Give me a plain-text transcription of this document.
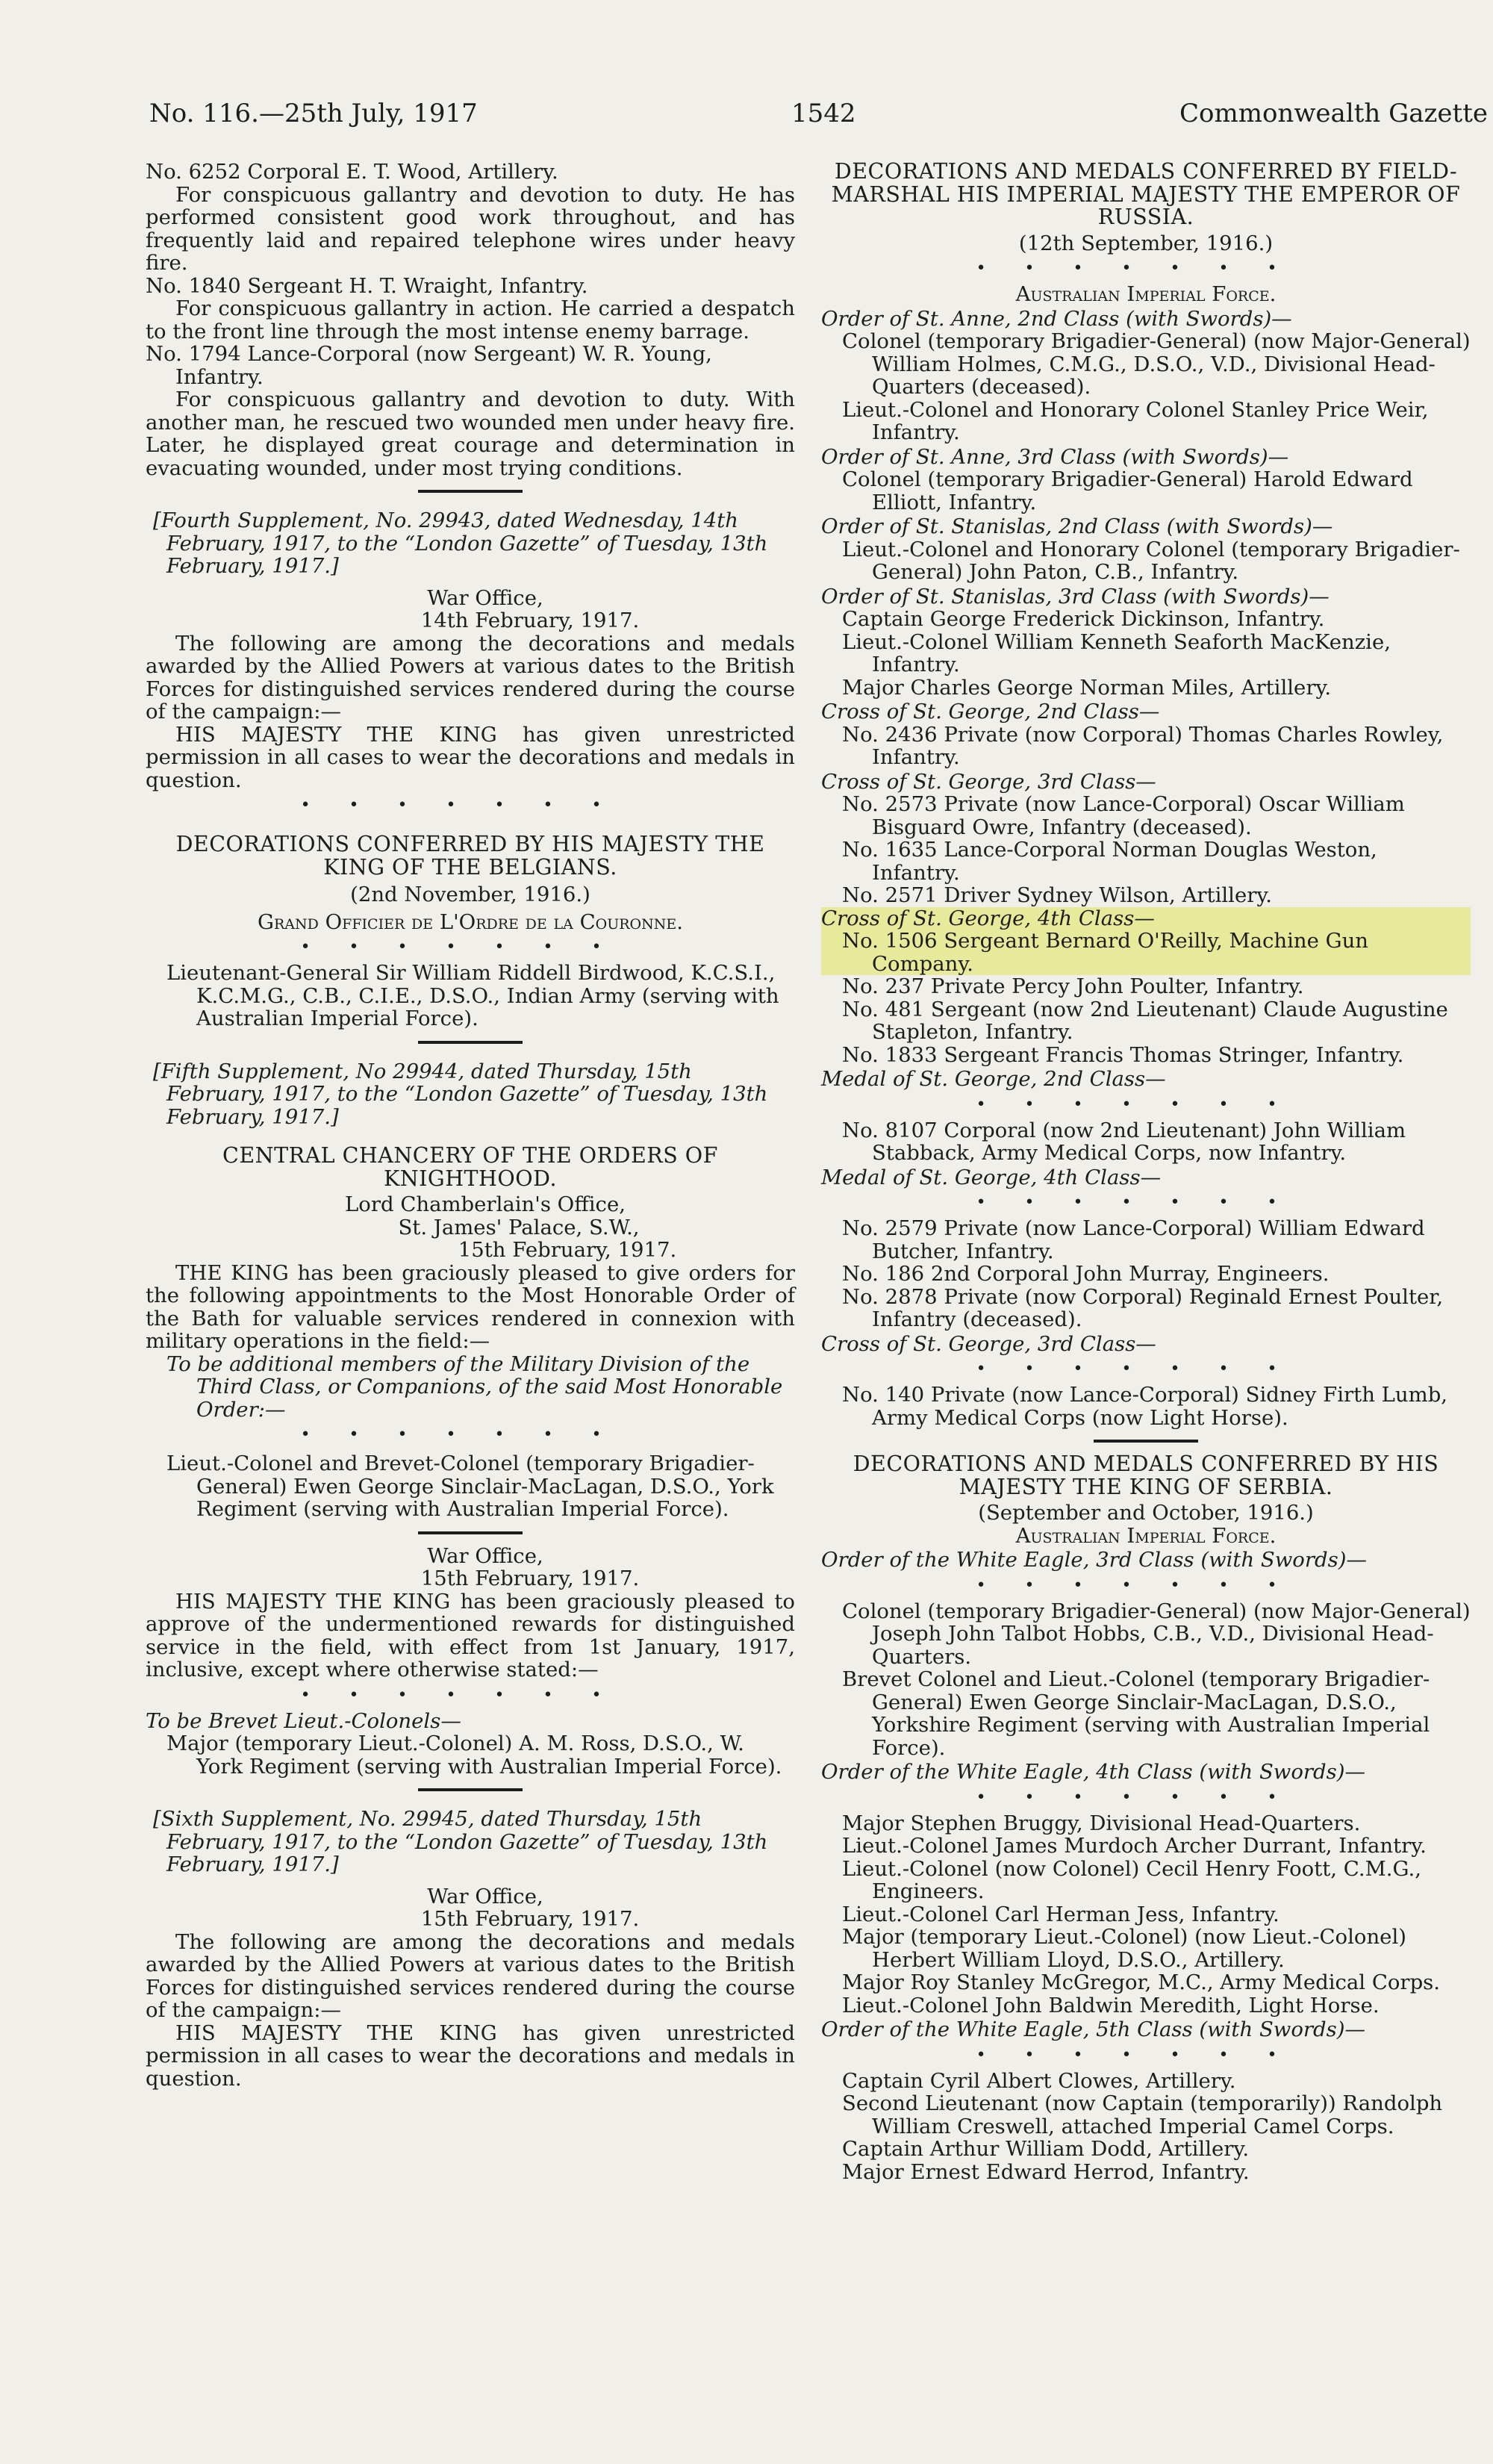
No. 116.—25th July, 1917	1542	Commonwealth Gazette

No. 6252 Corporal E. T. Wood, Artillery.

For conspicuous gallantry and devotion to duty. He has performed consistent good work throughout, and has frequently laid and repaired telephone wires under heavy fire.

No. 1840 Sergeant H. T. Wraight, Infantry.

For conspicuous gallantry in action. He carried a despatch to the front line through the most intense enemy barrage.

No. 1794 Lance-Corporal (now Sergeant) W. R. Young, Infantry.

For conspicuous gallantry and devotion to duty. With another man, he rescued two wounded men under heavy fire. Later, he displayed great courage and determination in evacuating wounded, under most trying conditions.

[Fourth Supplement, No. 29943, dated Wednesday, 14th February, 1917, to the “London Gazette” of Tuesday, 13th February, 1917.]

War Office,

14th February, 1917.

The following are among the decorations and medals awarded by the Allied Powers at various dates to the British Forces for distinguished services rendered during the course of the campaign:—

HIS MAJESTY THE KING has given unrestricted permission in all cases to wear the decorations and medals in question.

•••••••

DECORATIONS CONFERRED BY HIS MAJESTY THE KING OF THE BELGIANS.

(2nd November, 1916.)

Grand Officier de L'Ordre de la Couronne.

•••••••

Lieutenant-General Sir William Riddell Birdwood, K.C.S.I., K.C.M.G., C.B., C.I.E., D.S.O., Indian Army (serving with Australian Imperial Force).

[Fifth Supplement, No 29944, dated Thursday, 15th February, 1917, to the “London Gazette” of Tuesday, 13th February, 1917.]

CENTRAL CHANCERY OF THE ORDERS OF KNIGHTHOOD.

Lord Chamberlain's Office,

St. James' Palace, S.W.,

15th February, 1917.

THE KING has been graciously pleased to give orders for the following appointments to the Most Honorable Order of the Bath for valuable services rendered in connexion with military operations in the field:—

To be additional members of the Military Division of the Third Class, or Companions, of the said Most Honorable Order:—

•••••••

Lieut.-Colonel and Brevet-Colonel (temporary Brigadier-General) Ewen George Sinclair-MacLagan, D.S.O., York Regiment (serving with Australian Imperial Force).

War Office,

15th February, 1917.

HIS MAJESTY THE KING has been graciously pleased to approve of the undermentioned rewards for distinguished service in the field, with effect from 1st January, 1917, inclusive, except where otherwise stated:—

•••••••

To be Brevet Lieut.-Colonels—

Major (temporary Lieut.-Colonel) A. M. Ross, D.S.O., W. York Regiment (serving with Australian Imperial Force).

[Sixth Supplement, No. 29945, dated Thursday, 15th February, 1917, to the “London Gazette” of Tuesday, 13th February, 1917.]

War Office,

15th February, 1917.

The following are among the decorations and medals awarded by the Allied Powers at various dates to the British Forces for distinguished services rendered during the course of the campaign:—

HIS MAJESTY THE KING has given unrestricted permission in all cases to wear the decorations and medals in question.

DECORATIONS AND MEDALS CONFERRED BY FIELD-MARSHAL HIS IMPERIAL MAJESTY THE EMPEROR OF RUSSIA.

(12th September, 1916.)

•••••••

Australian Imperial Force.

Order of St. Anne, 2nd Class (with Swords)—

Colonel (temporary Brigadier-General) (now Major-General) William Holmes, C.M.G., D.S.O., V.D., Divisional Head-Quarters (deceased).

Lieut.-Colonel and Honorary Colonel Stanley Price Weir, Infantry.

Order of St. Anne, 3rd Class (with Swords)—

Colonel (temporary Brigadier-General) Harold Edward Elliott, Infantry.

Order of St. Stanislas, 2nd Class (with Swords)—

Lieut.-Colonel and Honorary Colonel (temporary Brigadier-General) John Paton, C.B., Infantry.

Order of St. Stanislas, 3rd Class (with Swords)—

Captain George Frederick Dickinson, Infantry.

Lieut.-Colonel William Kenneth Seaforth MacKenzie, Infantry.

Major Charles George Norman Miles, Artillery.

Cross of St. George, 2nd Class—

No. 2436 Private (now Corporal) Thomas Charles Rowley, Infantry.

Cross of St. George, 3rd Class—

No. 2573 Private (now Lance-Corporal) Oscar William Bisguard Owre, Infantry (deceased).

No. 1635 Lance-Corporal Norman Douglas Weston, Infantry.

No. 2571 Driver Sydney Wilson, Artillery.

Cross of St. George, 4th Class—

No. 1506 Sergeant Bernard O'Reilly, Machine Gun Company.

No. 237 Private Percy John Poulter, Infantry.

No. 481 Sergeant (now 2nd Lieutenant) Claude Augustine Stapleton, Infantry.

No. 1833 Sergeant Francis Thomas Stringer, Infantry.

Medal of St. George, 2nd Class—

•••••••

No. 8107 Corporal (now 2nd Lieutenant) John William Stabback, Army Medical Corps, now Infantry.

Medal of St. George, 4th Class—

•••••••

No. 2579 Private (now Lance-Corporal) William Edward Butcher, Infantry.

No. 186 2nd Corporal John Murray, Engineers.

No. 2878 Private (now Corporal) Reginald Ernest Poulter, Infantry (deceased).

Cross of St. George, 3rd Class—

•••••••

No. 140 Private (now Lance-Corporal) Sidney Firth Lumb, Army Medical Corps (now Light Horse).

DECORATIONS AND MEDALS CONFERRED BY HIS MAJESTY THE KING OF SERBIA.

(September and October, 1916.)

Australian Imperial Force.

Order of the White Eagle, 3rd Class (with Swords)—

•••••••

Colonel (temporary Brigadier-General) (now Major-General) Joseph John Talbot Hobbs, C.B., V.D., Divisional Head-Quarters.

Brevet Colonel and Lieut.-Colonel (temporary Brigadier-General) Ewen George Sinclair-MacLagan, D.S.O., Yorkshire Regiment (serving with Australian Imperial Force).

Order of the White Eagle, 4th Class (with Swords)—

•••••••

Major Stephen Bruggy, Divisional Head-Quarters.

Lieut.-Colonel James Murdoch Archer Durrant, Infantry.

Lieut.-Colonel (now Colonel) Cecil Henry Foott, C.M.G., Engineers.

Lieut.-Colonel Carl Herman Jess, Infantry.

Major (temporary Lieut.-Colonel) (now Lieut.-Colonel) Herbert William Lloyd, D.S.O., Artillery.

Major Roy Stanley McGregor, M.C., Army Medical Corps.

Lieut.-Colonel John Baldwin Meredith, Light Horse.

Order of the White Eagle, 5th Class (with Swords)—

•••••••

Captain Cyril Albert Clowes, Artillery.

Second Lieutenant (now Captain (temporarily)) Randolph William Creswell, attached Imperial Camel Corps.

Captain Arthur William Dodd, Artillery.

Major Ernest Edward Herrod, Infantry.
